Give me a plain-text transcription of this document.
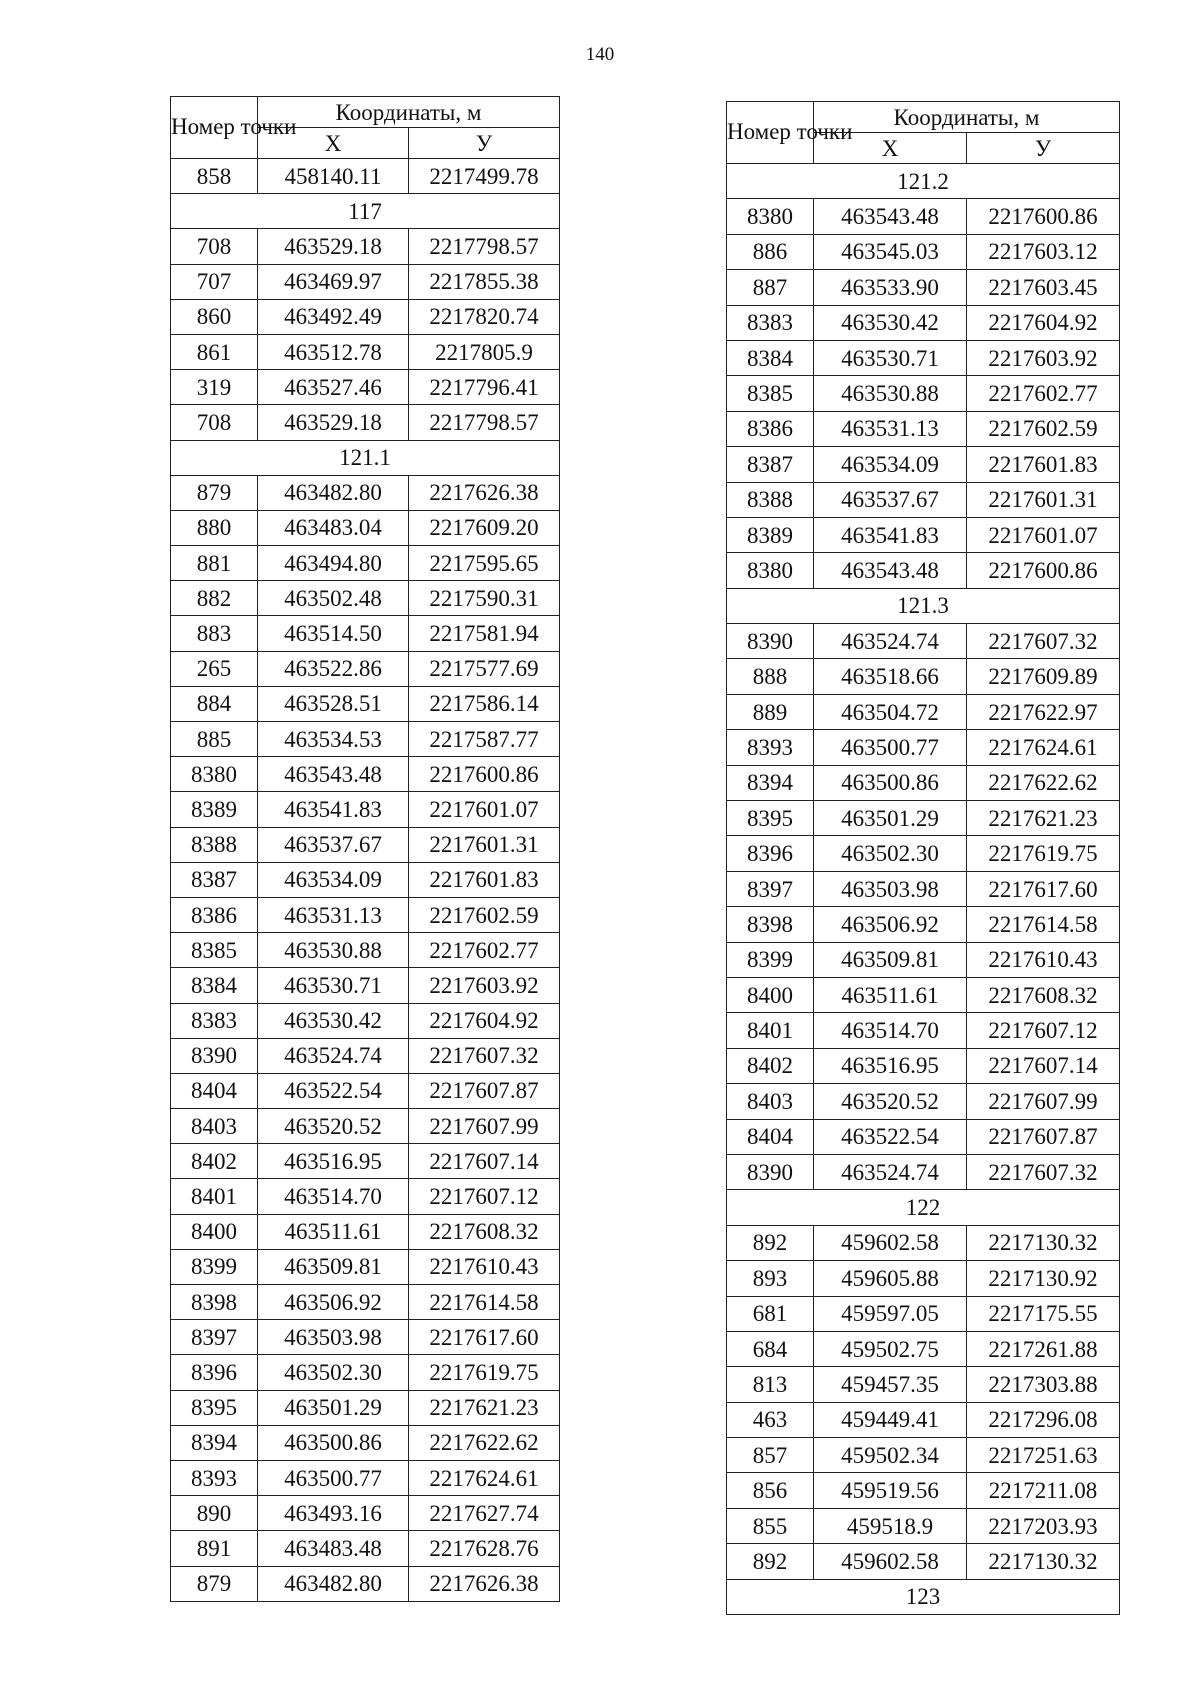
140
Номер точки	Координаты, м	
	Х	У
858	458140.11	2217499.78
117		
708	463529.18	2217798.57
707	463469.97	2217855.38
860	463492.49	2217820.74
861	463512.78	2217805.9
319	463527.46	2217796.41
708	463529.18	2217798.57
121.1		
879	463482.80	2217626.38
880	463483.04	2217609.20
881	463494.80	2217595.65
882	463502.48	2217590.31
883	463514.50	2217581.94
265	463522.86	2217577.69
884	463528.51	2217586.14
885	463534.53	2217587.77
8380	463543.48	2217600.86
8389	463541.83	2217601.07
8388	463537.67	2217601.31
8387	463534.09	2217601.83
8386	463531.13	2217602.59
8385	463530.88	2217602.77
8384	463530.71	2217603.92
8383	463530.42	2217604.92
8390	463524.74	2217607.32
8404	463522.54	2217607.87
8403	463520.52	2217607.99
8402	463516.95	2217607.14
8401	463514.70	2217607.12
8400	463511.61	2217608.32
8399	463509.81	2217610.43
8398	463506.92	2217614.58
8397	463503.98	2217617.60
8396	463502.30	2217619.75
8395	463501.29	2217621.23
8394	463500.86	2217622.62
8393	463500.77	2217624.61
890	463493.16	2217627.74
891	463483.48	2217628.76
879	463482.80	2217626.38
Номер точки	Координаты, м	
	Х	У
121.2		
8380	463543.48	2217600.86
886	463545.03	2217603.12
887	463533.90	2217603.45
8383	463530.42	2217604.92
8384	463530.71	2217603.92
8385	463530.88	2217602.77
8386	463531.13	2217602.59
8387	463534.09	2217601.83
8388	463537.67	2217601.31
8389	463541.83	2217601.07
8380	463543.48	2217600.86
121.3		
8390	463524.74	2217607.32
888	463518.66	2217609.89
889	463504.72	2217622.97
8393	463500.77	2217624.61
8394	463500.86	2217622.62
8395	463501.29	2217621.23
8396	463502.30	2217619.75
8397	463503.98	2217617.60
8398	463506.92	2217614.58
8399	463509.81	2217610.43
8400	463511.61	2217608.32
8401	463514.70	2217607.12
8402	463516.95	2217607.14
8403	463520.52	2217607.99
8404	463522.54	2217607.87
8390	463524.74	2217607.32
122		
892	459602.58	2217130.32
893	459605.88	2217130.92
681	459597.05	2217175.55
684	459502.75	2217261.88
813	459457.35	2217303.88
463	459449.41	2217296.08
857	459502.34	2217251.63
856	459519.56	2217211.08
855	459518.9	2217203.93
892	459602.58	2217130.32
123		
